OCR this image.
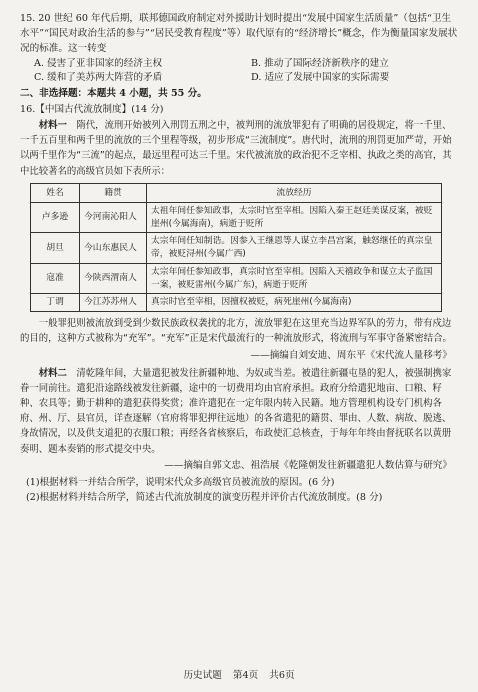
15. 20 世纪 60 年代后期，联邦德国政府制定对外援助计划时提出“发展中国家生活质量”（包括“卫生水平”“国民对政治生活的参与”“居民受教育程度”等）取代原有的“经济增长”概念，作为衡量国家发展状况的标准。这一转变

A. 侵害了亚非国家的经济主权	B. 推动了国际经济新秩序的建立

C. 缓和了美苏两大阵营的矛盾	D. 适应了发展中国家的实际需要

二、非选择题：本题共 4 小题，共 55 分。

16.【中国古代流放制度】(14 分)

材料一　 隋代，流刑开始被列入刑罚五刑之中，被判刑的流放罪犯有了明确的居役规定，将一千里、一千五百里和两千里的流放的三个里程等级，初步形成“三流制度”。唐代时，流刑的刑罚更加严苛，开始以两千里作为“三流”的起点，最远里程可达三千里。宋代被流放的政治犯不乏宰相、执政之类的高官，其中比较著名的高级官员如下表所示：

姓名	籍贯	流放经历
卢多逊	今河南沁阳人	太祖年间任参知政事，太宗时官至宰相。因陷入秦王赵廷美谋反案，被贬崖州(今属海南)，病逝于贬所
胡旦	今山东惠民人	太宗年间任知制诰。因参入王继恩等人谋立李昌宫案，触怒继任的真宗皇帝，被贬浔州(今属广西)
寇准	今陕西渭南人	太宗年间任参知政事，真宗时官至宰相。因陷入天禧政争和谋立太子监国一案，被贬雷州(今属广东)，病逝于贬所
丁谓	今江苏苏州人	真宗时官至宰相，因擅权被贬，病死崖州(今属海南)

一般罪犯则被流放到受到少数民族政权袭扰的北方，流放罪犯在这里充当边界军队的劳力，带有戍边的目的，这种方式被称为“充军”。“充军”正是宋代最流行的一种流放形式，将流刑与军事守备紧密结合。

——摘编自刘安迪、周东平《宋代流人量移考》

材料二　 清乾隆年间，大量遣犯被发往新疆种地、为奴或当差。被遣往新疆屯垦的犯人，被强制携家眷一同前往。遣犯沿途路线被发往新疆，途中的一切费用均由官府承担。政府分给遣犯地亩、口粮、籽种、农具等；勤于耕种的遣犯获得奖赏；准许遣犯在一定年限内转入民籍。地方管理机构设专门机构各府、州、厅、县官员，详查逐解（官府将罪犯押往远地）的各省遣犯的籍贯、罪由、人数、病故、脱逃、身故情况，以及供支道犯的衣服口粮；再经各省核察后，布政使汇总核查，于每年年终由督抚联名以黄册奏明、题本奏销的形式提交中央。

——摘编自郭文忠、祖浩展《乾隆朝发往新疆遣犯人数估算与研究》

(1)根据材料一并结合所学，说明宋代众多高级官员被流放的原因。(6 分)

(2)根据材料并结合所学，简述古代流放制度的演变历程并评价古代流放制度。(8 分)

历史试题 第4页 共6页
